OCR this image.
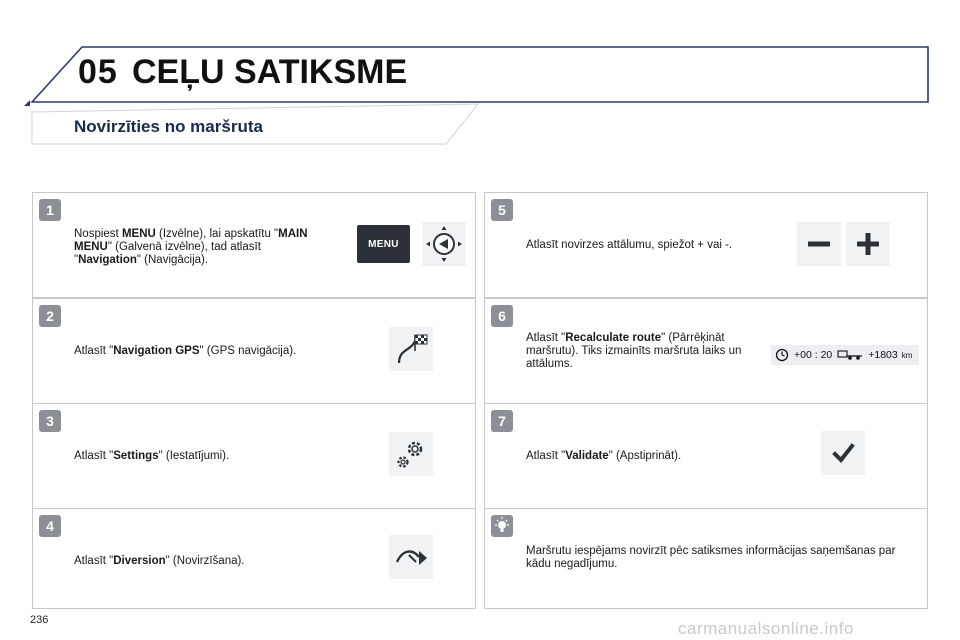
05 CEĻU SATIKSME
Novirzīties no maršruta
1
Nospiest MENU (Izvēlne), lai apskatītu "MAIN MENU" (Galvenā izvēlne), tad atlasīt "Navigation" (Navigācija).
MENU
2
Atlasīt "Navigation GPS" (GPS navigācija).
3
Atlasīt "Settings" (Iestatījumi).
4
Atlasīt "Diversion" (Novirzīšana).
5
Atlasīt novirzes attālumu, spiežot + vai -.
6
Atlasīt "Recalculate route" (Pārrēķināt maršrutu). Tiks izmainīts maršruta laiks un attālums.
+00 : 20	+1803 km
7
Atlasīt "Validate" (Apstiprināt).
Maršrutu iespējams novirzīt pēc satiksmes informācijas saņemšanas par kādu negadījumu.
236	carmanualsonline.info
